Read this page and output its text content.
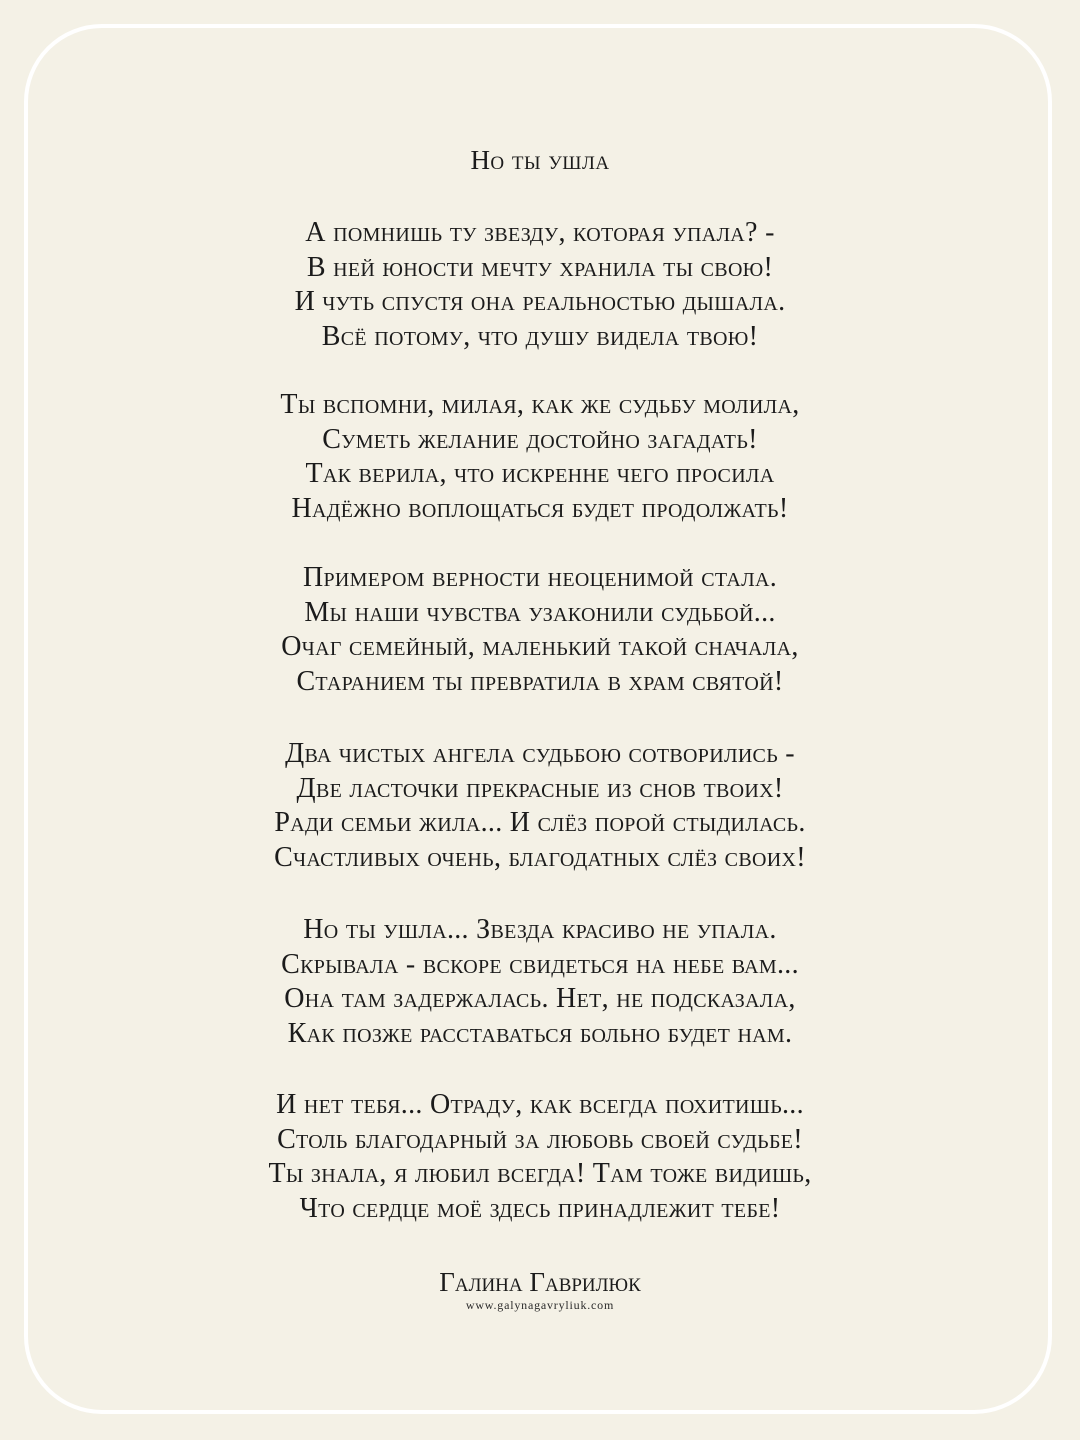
Но ты ушла
А помнишь ту звезду, которая упала? -
В ней юности мечту хранила ты свою!
И чуть спустя она реальностью дышала.
Всё потому, что душу видела твою!
Ты вспомни, милая, как же судьбу молила,
Суметь желание достойно загадать!
Так верила, что искренне чего просила
Надёжно воплощаться будет продолжать!
Примером верности неоценимой стала.
Мы наши чувства узаконили судьбой...
Очаг семейный, маленький такой сначала,
Старанием ты превратила в храм святой!
Два чистых ангела судьбою сотворились -
Две ласточки прекрасные из снов твоих!
Ради семьи жила... И слёз порой стыдилась.
Счастливых очень, благодатных слёз своих!
Но ты ушла... Звезда красиво не упала.
Скрывала - вскоре свидеться на небе вам...
Она там задержалась. Нет, не подсказала,
Как позже расставаться больно будет нам.
И нет тебя... Отраду, как всегда похитишь...
Столь благодарный за любовь своей судьбе!
Ты знала, я любил всегда! Там тоже видишь,
Что сердце моё здесь принадлежит тебе!
Галина Гаврилюк
www.galynagavryliuk.com
